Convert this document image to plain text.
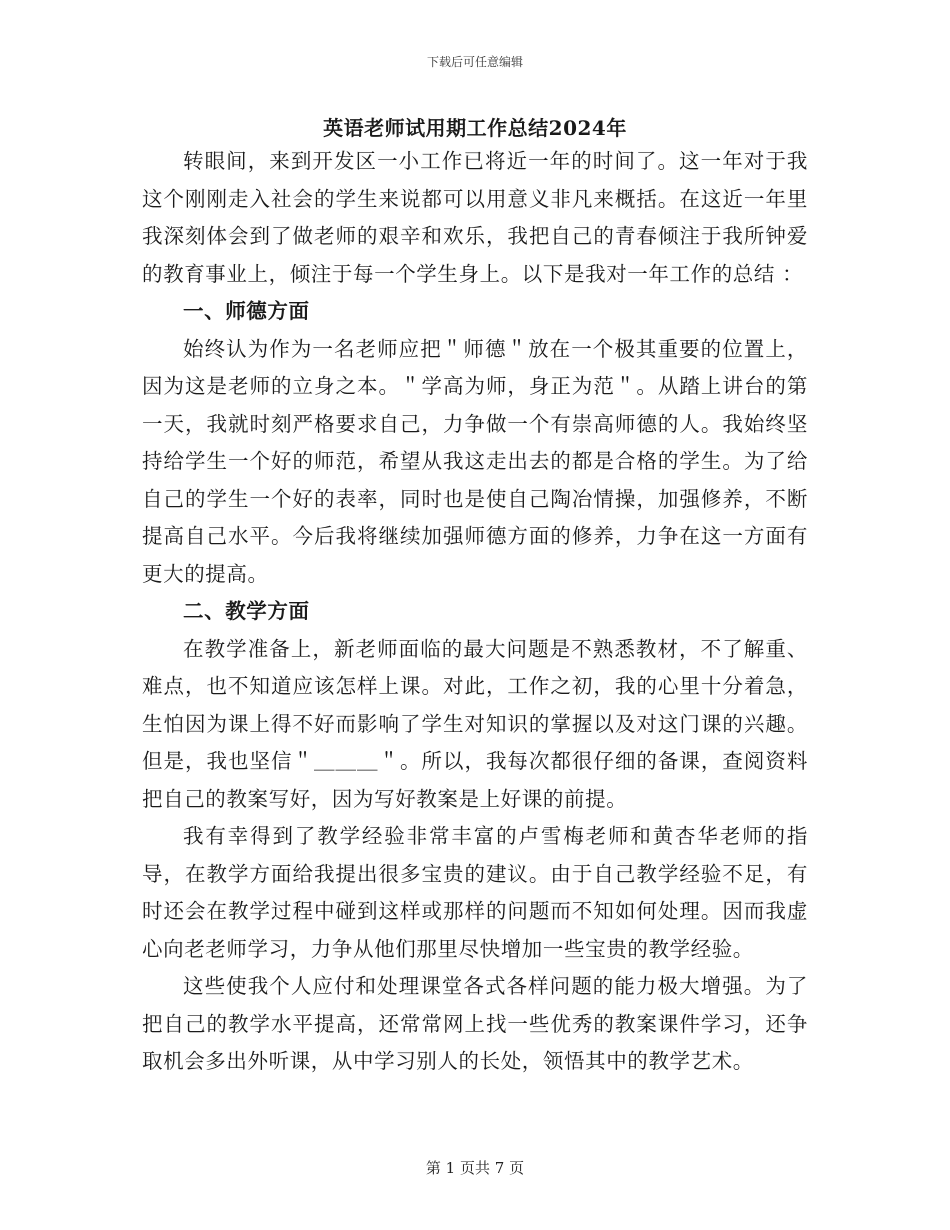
下载后可任意编辑
英语老师试用期工作总结2024年

转眼间，来到开发区一小工作已将近一年的时间了。这一年对于我这个刚刚走入社会的学生来说都可以用意义非凡来概括。在这近一年里我深刻体会到了做老师的艰辛和欢乐，我把自己的青春倾注于我所钟爱的教育事业上，倾注于每一个学生身上。以下是我对一年工作的总结 ：

一、师德方面

始终认为作为一名老师应把＂师德＂放在一个极其重要的位置上，因为这是老师的立身之本。＂学高为师，身正为范＂。从踏上讲台的第一天，我就时刻严格要求自己，力争做一个有崇高师德的人。我始终坚持给学生一个好的师范，希望从我这走出去的都是合格的学生。为了给自己的学生一个好的表率，同时也是使自己陶冶情操，加强修养，不断提高自己水平。今后我将继续加强师德方面的修养，力争在这一方面有更大的提高。

二、教学方面

在教学准备上，新老师面临的最大问题是不熟悉教材，不了解重、难点，也不知道应该怎样上课。对此，工作之初，我的心里十分着急，生怕因为课上得不好而影响了学生对知识的掌握以及对这门课的兴趣。但是，我也坚信＂＿＿＿＂。所以，我每次都很仔细的备课，查阅资料把自己的教案写好，因为写好教案是上好课的前提。

我有幸得到了教学经验非常丰富的卢雪梅老师和黄杏华老师的指导，在教学方面给我提出很多宝贵的建议。由于自己教学经验不足，有时还会在教学过程中碰到这样或那样的问题而不知如何处理。因而我虚心向老老师学习，力争从他们那里尽快增加一些宝贵的教学经验。

这些使我个人应付和处理课堂各式各样问题的能力极大增强。为了把自己的教学水平提高，还常常网上找一些优秀的教案课件学习，还争取机会多出外听课，从中学习别人的长处，领悟其中的教学艺术。

第 1 页共 7 页
